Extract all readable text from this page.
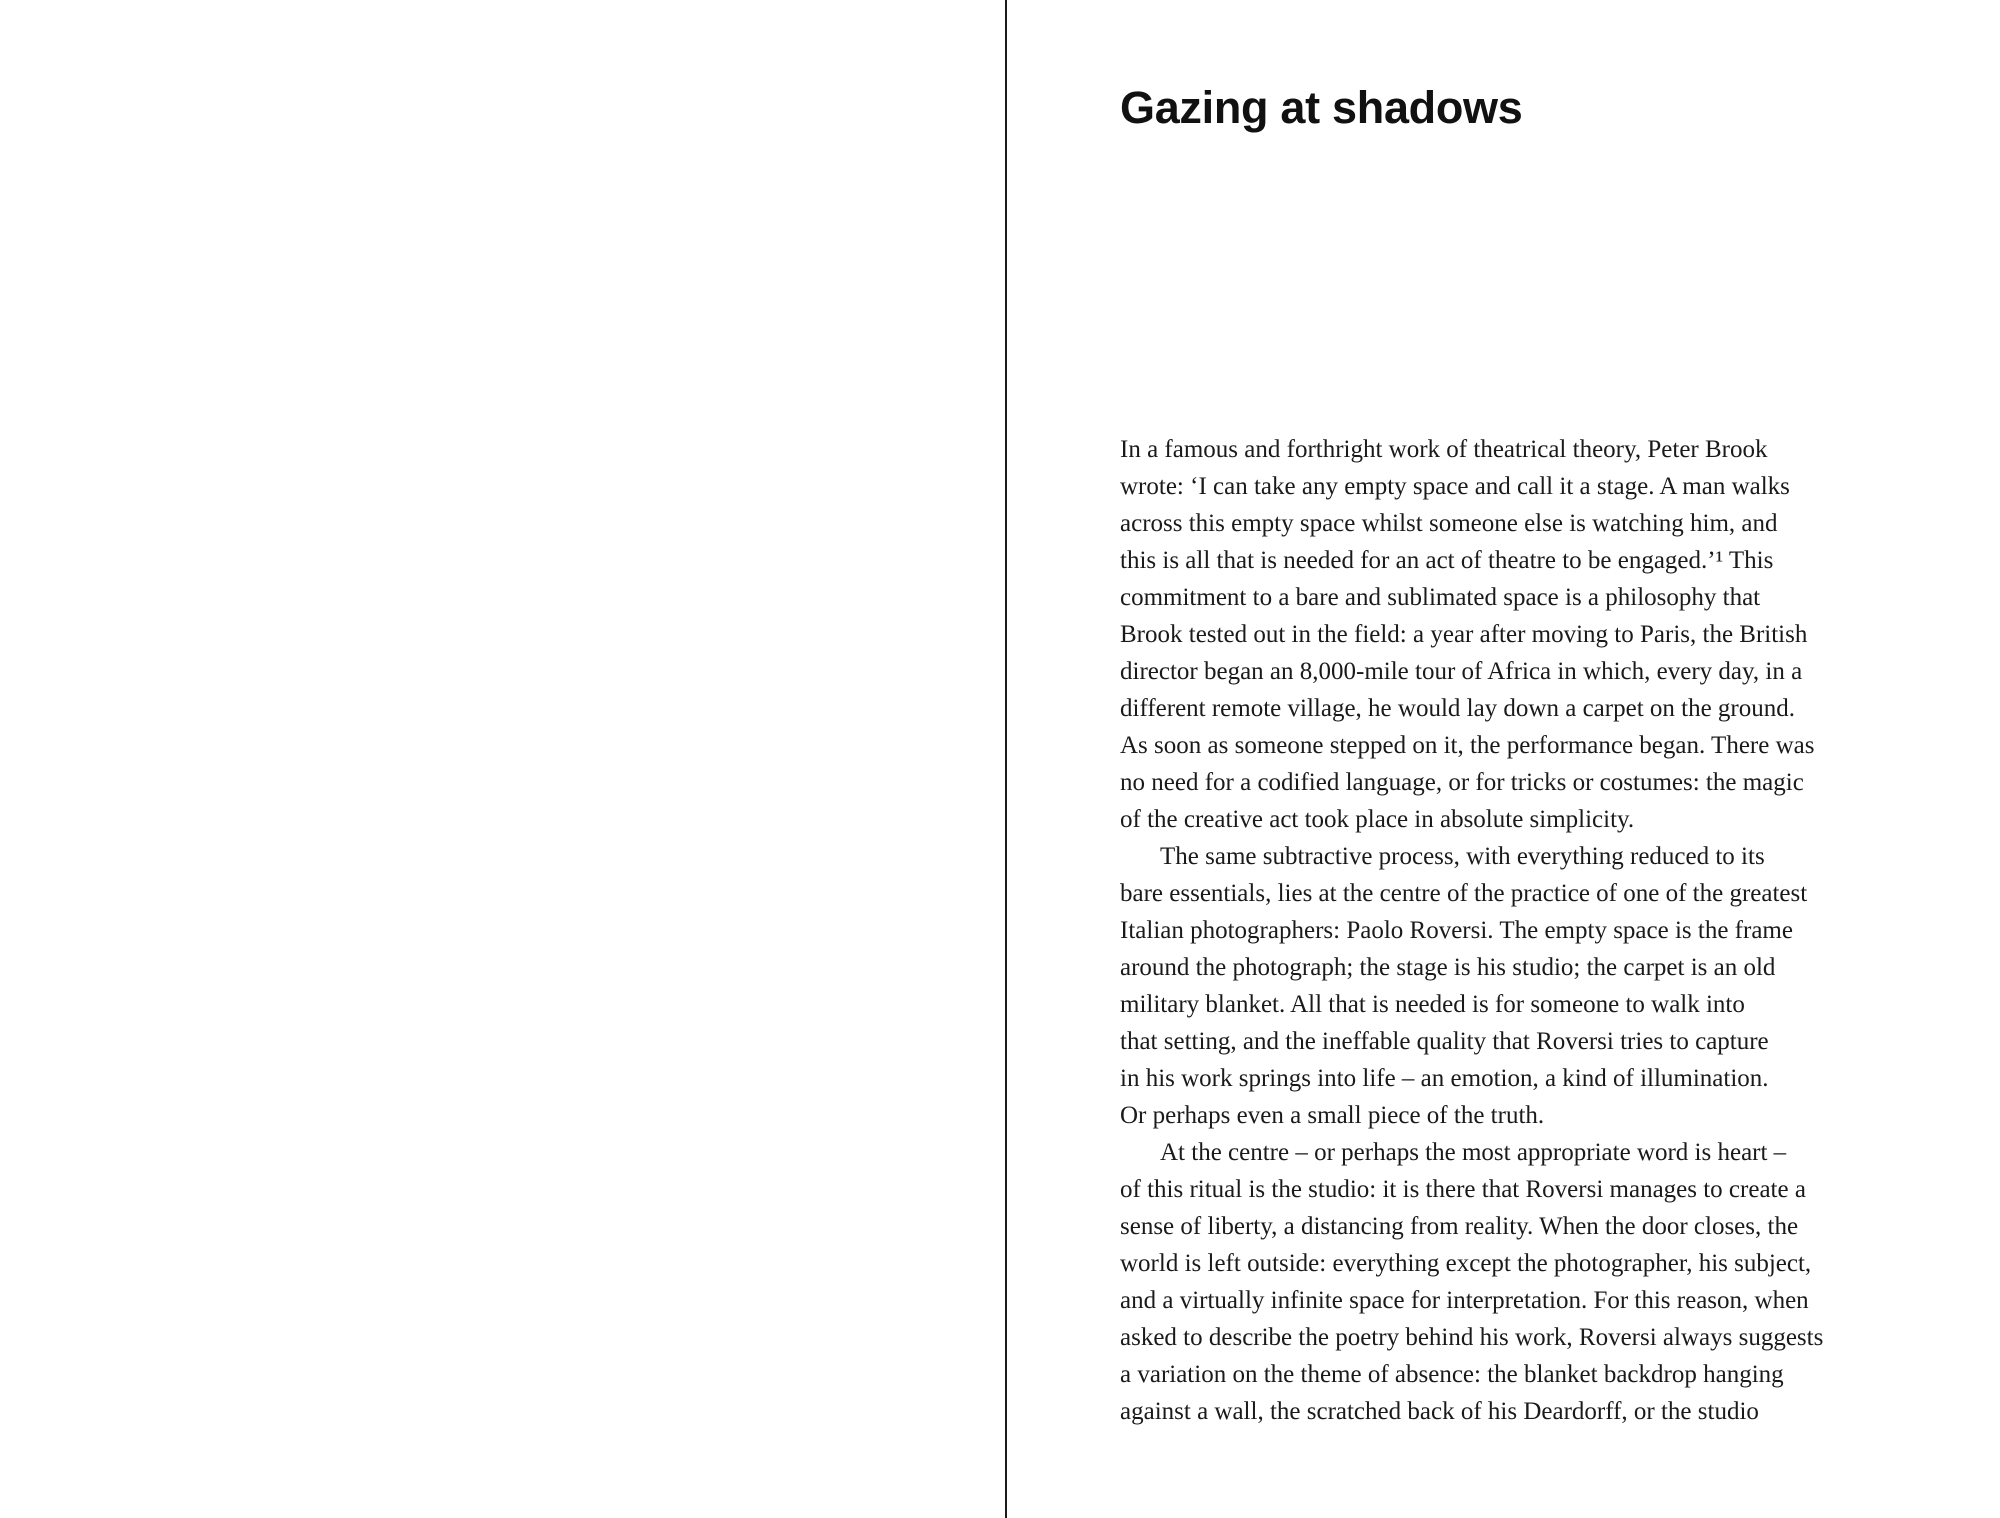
Gazing at shadows
In a famous and forthright work of theatrical theory, Peter Brook
wrote: ‘I can take any empty space and call it a stage. A man walks
across this empty space whilst someone else is watching him, and
this is all that is needed for an act of theatre to be engaged.’¹ This
commitment to a bare and sublimated space is a philosophy that
Brook tested out in the field: a year after moving to Paris, the British
director began an 8,000-mile tour of Africa in which, every day, in a
different remote village, he would lay down a carpet on the ground.
As soon as someone stepped on it, the performance began. There was
no need for a codified language, or for tricks or costumes: the magic
of the creative act took place in absolute simplicity.
The same subtractive process, with everything reduced to its
bare essentials, lies at the centre of the practice of one of the greatest
Italian photographers: Paolo Roversi. The empty space is the frame
around the photograph; the stage is his studio; the carpet is an old
military blanket. All that is needed is for someone to walk into
that setting, and the ineffable quality that Roversi tries to capture
in his work springs into life – an emotion, a kind of illumination.
Or perhaps even a small piece of the truth.
At the centre – or perhaps the most appropriate word is heart –
of this ritual is the studio: it is there that Roversi manages to create a
sense of liberty, a distancing from reality. When the door closes, the
world is left outside: everything except the photographer, his subject,
and a virtually infinite space for interpretation. For this reason, when
asked to describe the poetry behind his work, Roversi always suggests
a variation on the theme of absence: the blanket backdrop hanging
against a wall, the scratched back of his Deardorff, or the studio
